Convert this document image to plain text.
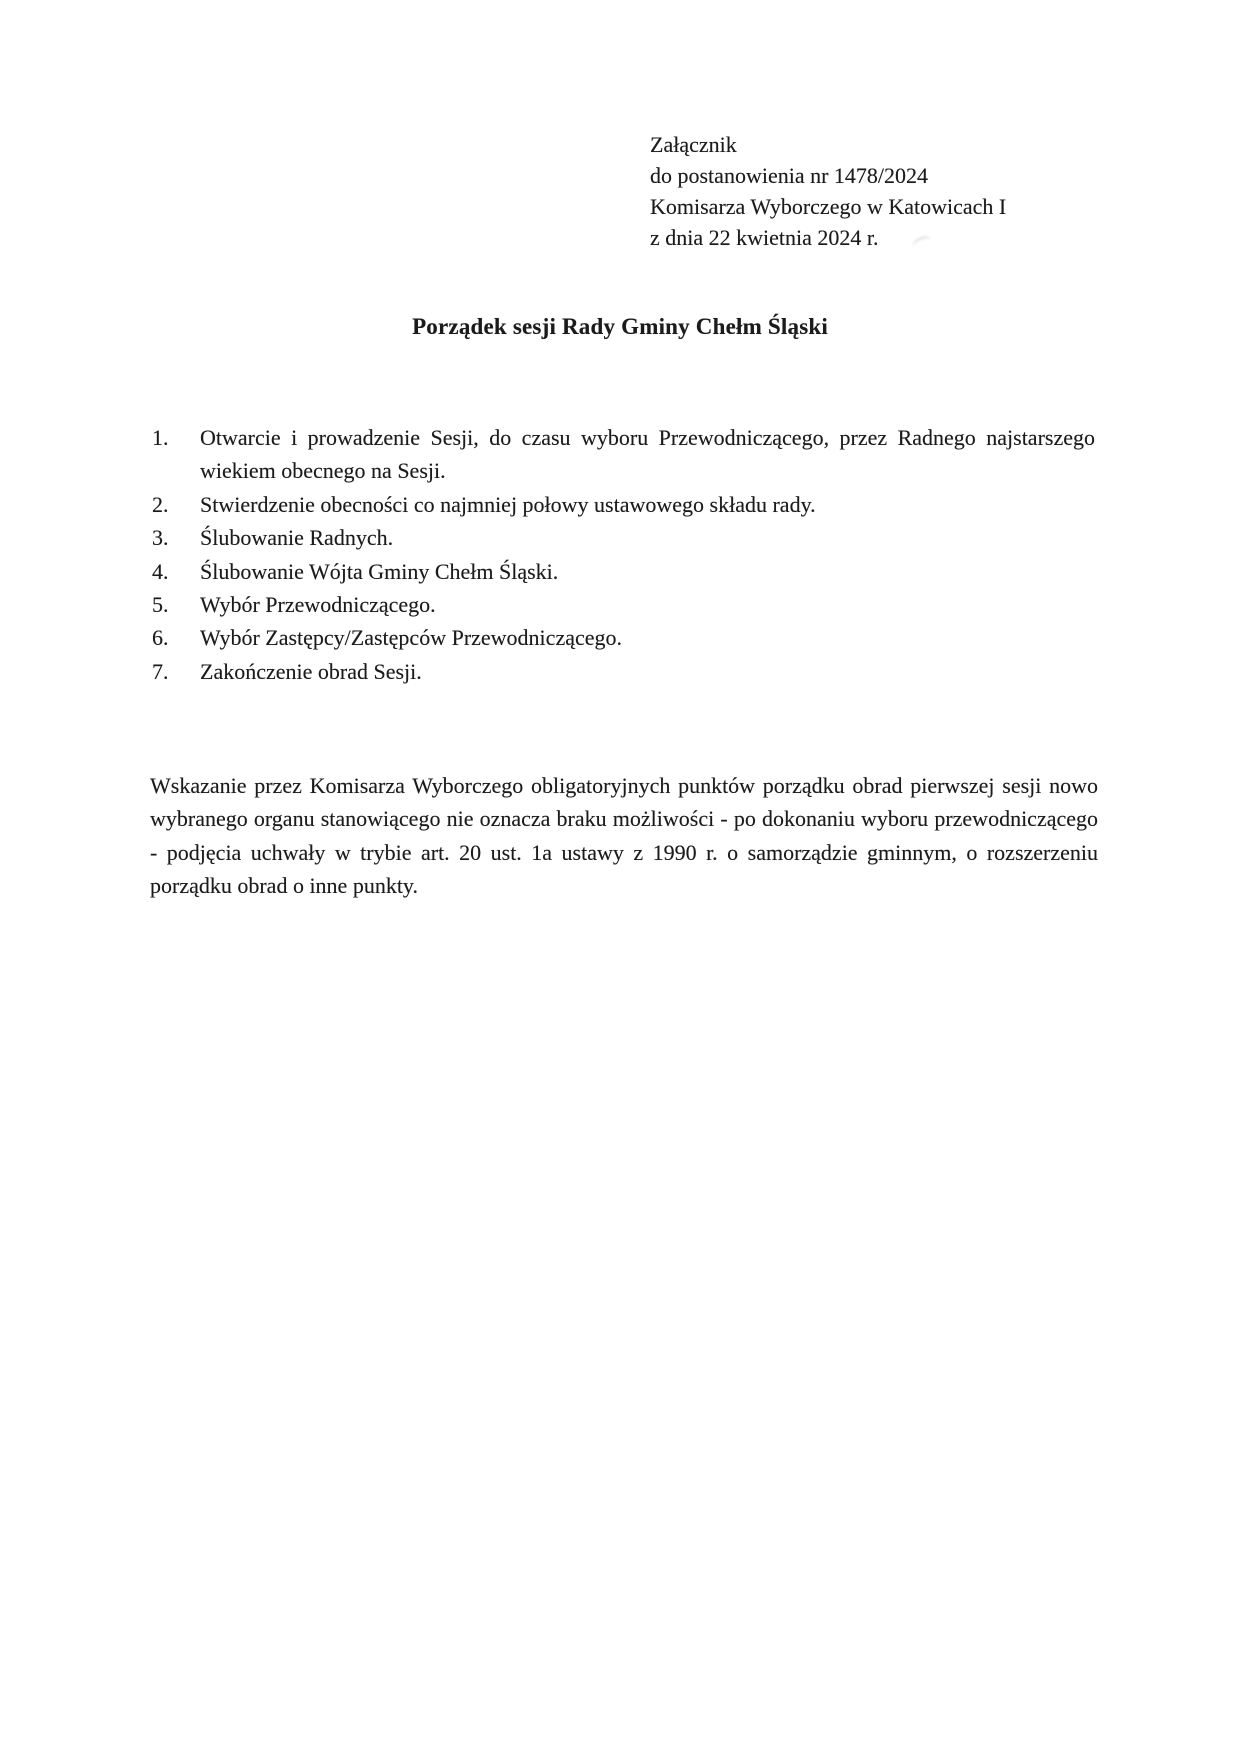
Załącznik
do postanowienia nr 1478/2024
Komisarza Wyborczego w Katowicach I
z dnia 22 kwietnia 2024 r.
Porządek sesji Rady Gminy Chełm Śląski
1. Otwarcie i prowadzenie Sesji, do czasu wyboru Przewodniczącego, przez Radnego najstarszego wiekiem obecnego na Sesji.
2. Stwierdzenie obecności co najmniej połowy ustawowego składu rady.
3. Ślubowanie Radnych.
4. Ślubowanie Wójta Gminy Chełm Śląski.
5. Wybór Przewodniczącego.
6. Wybór Zastępcy/Zastępców Przewodniczącego.
7. Zakończenie obrad Sesji.

Wskazanie przez Komisarza Wyborczego obligatoryjnych punktów porządku obrad pierwszej sesji nowo wybranego organu stanowiącego nie oznacza braku możliwości - po dokonaniu wyboru przewodniczącego - podjęcia uchwały w trybie art. 20 ust. 1a ustawy z 1990 r. o samorządzie gminnym, o rozszerzeniu porządku obrad o inne punkty.
